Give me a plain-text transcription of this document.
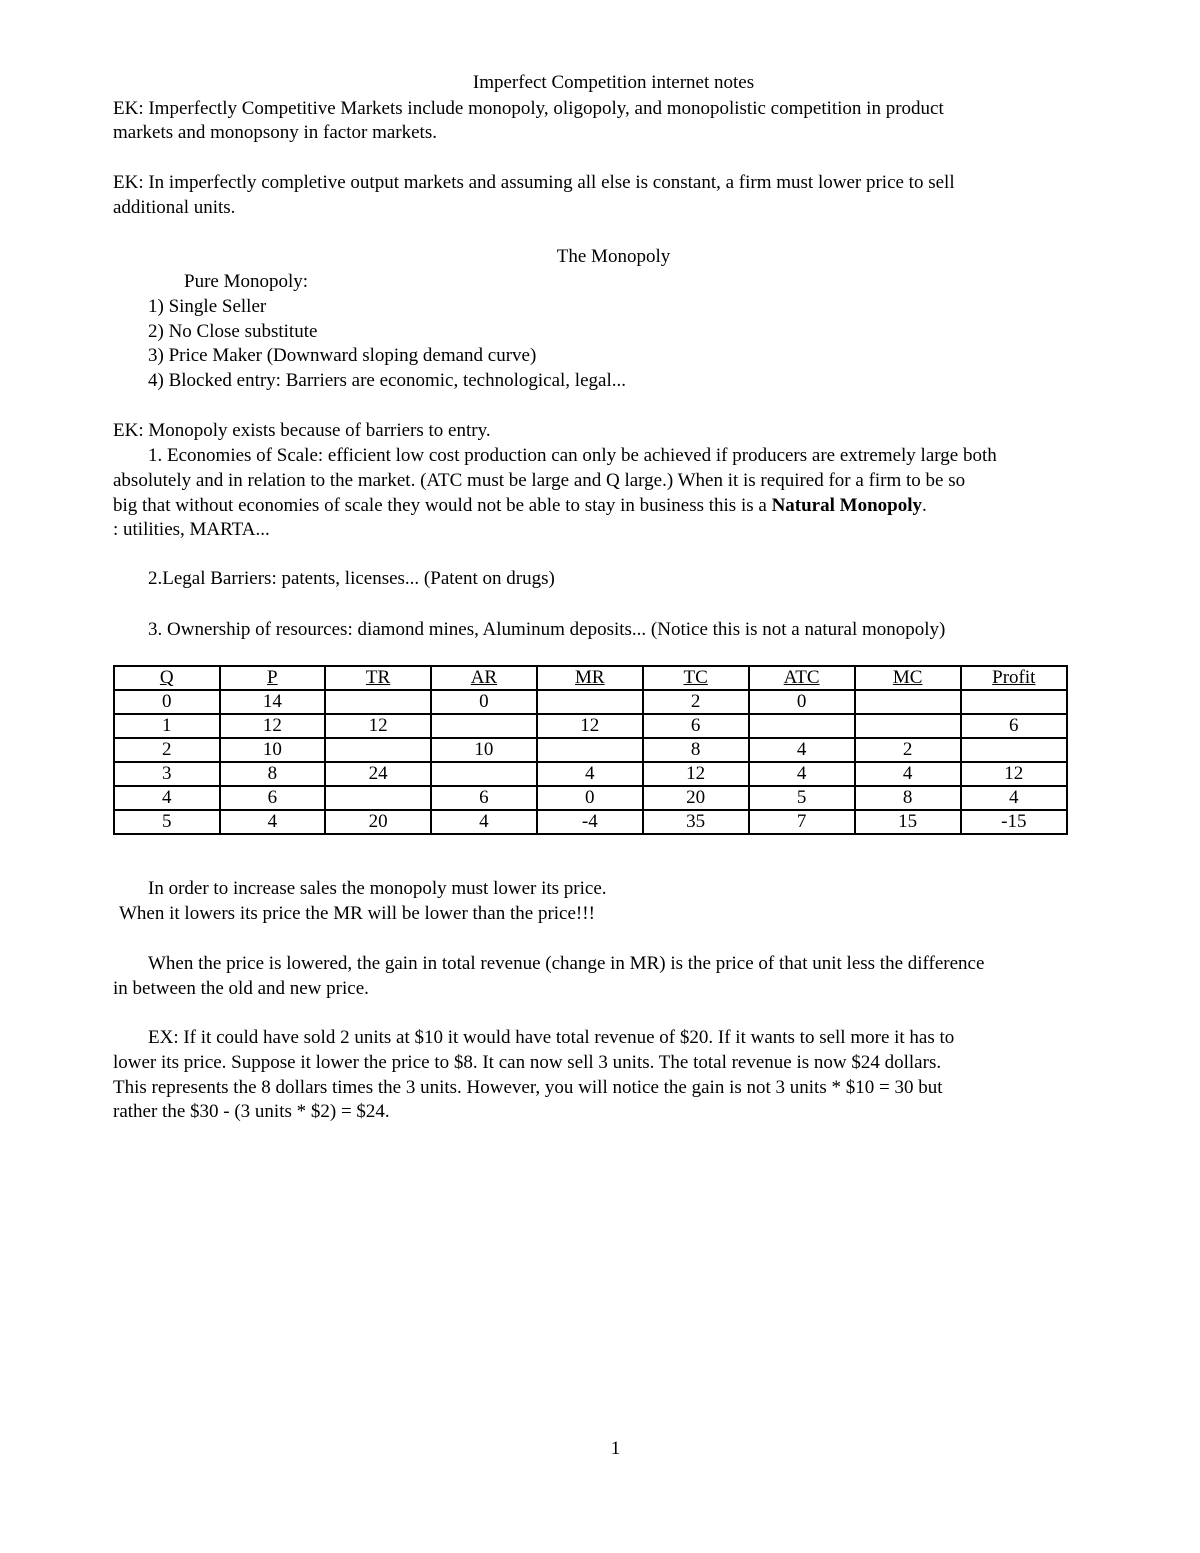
Imperfect Competition internet notes
EK: Imperfectly Competitive Markets include monopoly, oligopoly, and monopolistic competition in product
markets and monopsony in factor markets.
EK: In imperfectly completive output markets and assuming all else is constant, a firm must lower price to sell
additional units.
The Monopoly
Pure Monopoly:
1) Single Seller
2) No Close substitute
3) Price Maker (Downward sloping demand curve)
4) Blocked entry: Barriers are economic, technological, legal...
EK: Monopoly exists because of barriers to entry.
1. Economies of Scale: efficient low cost production can only be achieved if producers are extremely large both
absolutely and in relation to the market. (ATC must be large and Q large.) When it is required for a firm to be so
big that without economies of scale they would not be able to stay in business this is a Natural Monopoly.
: utilities, MARTA...
2.Legal Barriers: patents, licenses... (Patent on drugs)
3. Ownership of resources: diamond mines, Aluminum deposits... (Notice this is not a natural monopoly)
Q	P	TR	AR	MR	TC	ATC	MC	Profit
0	14		0		2	0		
1	12	12		12	6			6
2	10		10		8	4	2	
3	8	24		4	12	4	4	12
4	6		6	0	20	5	8	4
5	4	20	4	-4	35	7	15	-15
In order to increase sales the monopoly must lower its price.
When it lowers its price the MR will be lower than the price!!!
When the price is lowered, the gain in total revenue (change in MR) is the price of that unit less the difference
in between the old and new price.
EX: If it could have sold 2 units at $10 it would have total revenue of $20. If it wants to sell more it has to
lower its price. Suppose it lower the price to $8. It can now sell 3 units. The total revenue is now $24 dollars.
This represents the 8 dollars times the 3 units. However, you will notice the gain is not 3 units * $10 = 30 but
rather the $30 - (3 units * $2) = $24.
1
